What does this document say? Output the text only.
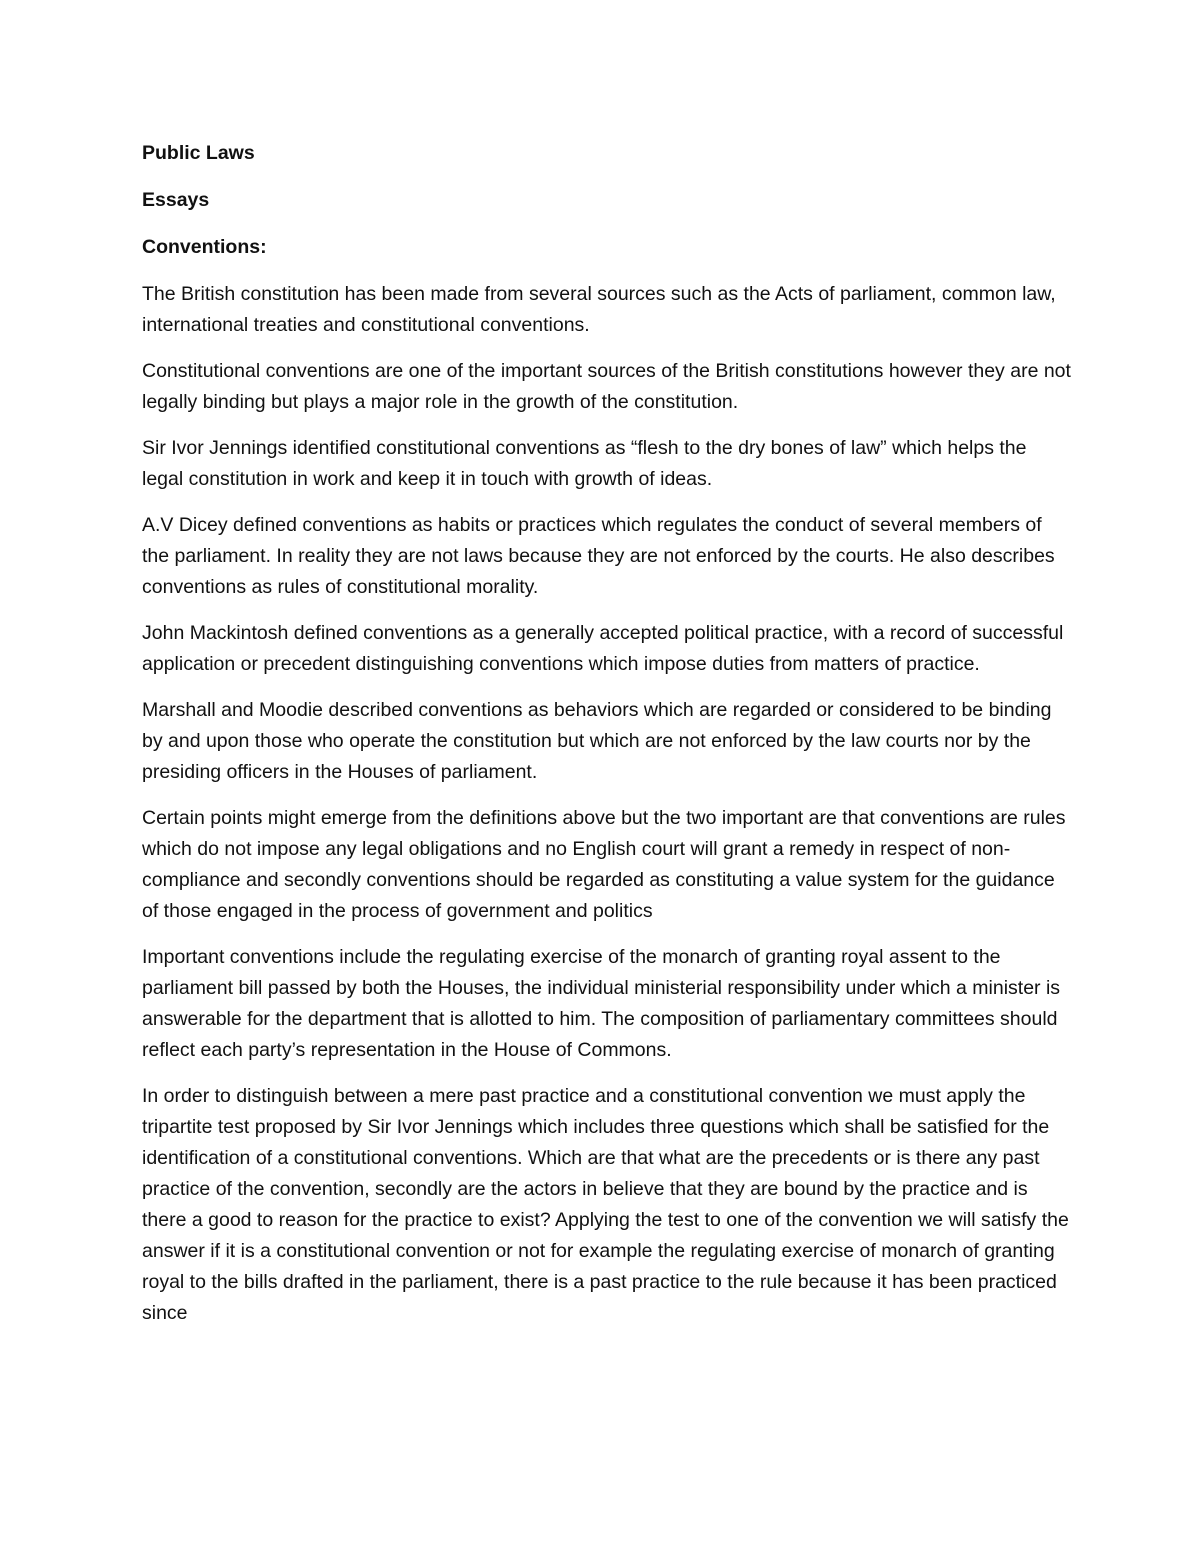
Public Laws
Essays
Conventions:

The British constitution has been made from several sources such as the Acts of parliament, common law, international treaties and constitutional conventions.

Constitutional conventions are one of the important sources of the British constitutions however they are not legally binding but plays a major role in the growth of the constitution.

Sir Ivor Jennings identified constitutional conventions as “flesh to the dry bones of law” which helps the legal constitution in work and keep it in touch with growth of ideas.

A.V Dicey defined conventions as habits or practices which regulates the conduct of several members of the parliament. In reality they are not laws because they are not enforced by the courts. He also describes conventions as rules of constitutional morality.

John Mackintosh defined conventions as a generally accepted political practice, with a record of successful application or precedent distinguishing conventions which impose duties from matters of practice.

Marshall and Moodie described conventions as behaviors which are regarded or considered to be binding by and upon those who operate the constitution but which are not enforced by the law courts nor by the presiding officers in the Houses of parliament.

Certain points might emerge from the definitions above but the two important are that conventions are rules which do not impose any legal obligations and no English court will grant a remedy in respect of non-compliance and secondly conventions should be regarded as constituting a value system for the guidance of those engaged in the process of government and politics

Important conventions include the regulating exercise of the monarch of granting royal assent to the parliament bill passed by both the Houses, the individual ministerial responsibility under which a minister is answerable for the department that is allotted to him. The composition of parliamentary committees should reflect each party’s representation in the House of Commons.

In order to distinguish between a mere past practice and a constitutional convention we must apply the tripartite test proposed by Sir Ivor Jennings which includes three questions which shall be satisfied for the identification of a constitutional conventions. Which are that what are the precedents or is there any past practice of the convention, secondly are the actors in believe that they are bound by the practice and is there a good to reason for the practice to exist? Applying the test to one of the convention we will satisfy the answer if it is a constitutional convention or not for example the regulating exercise of monarch of granting royal to the bills drafted in the parliament, there is a past practice to the rule because it has been practiced since
